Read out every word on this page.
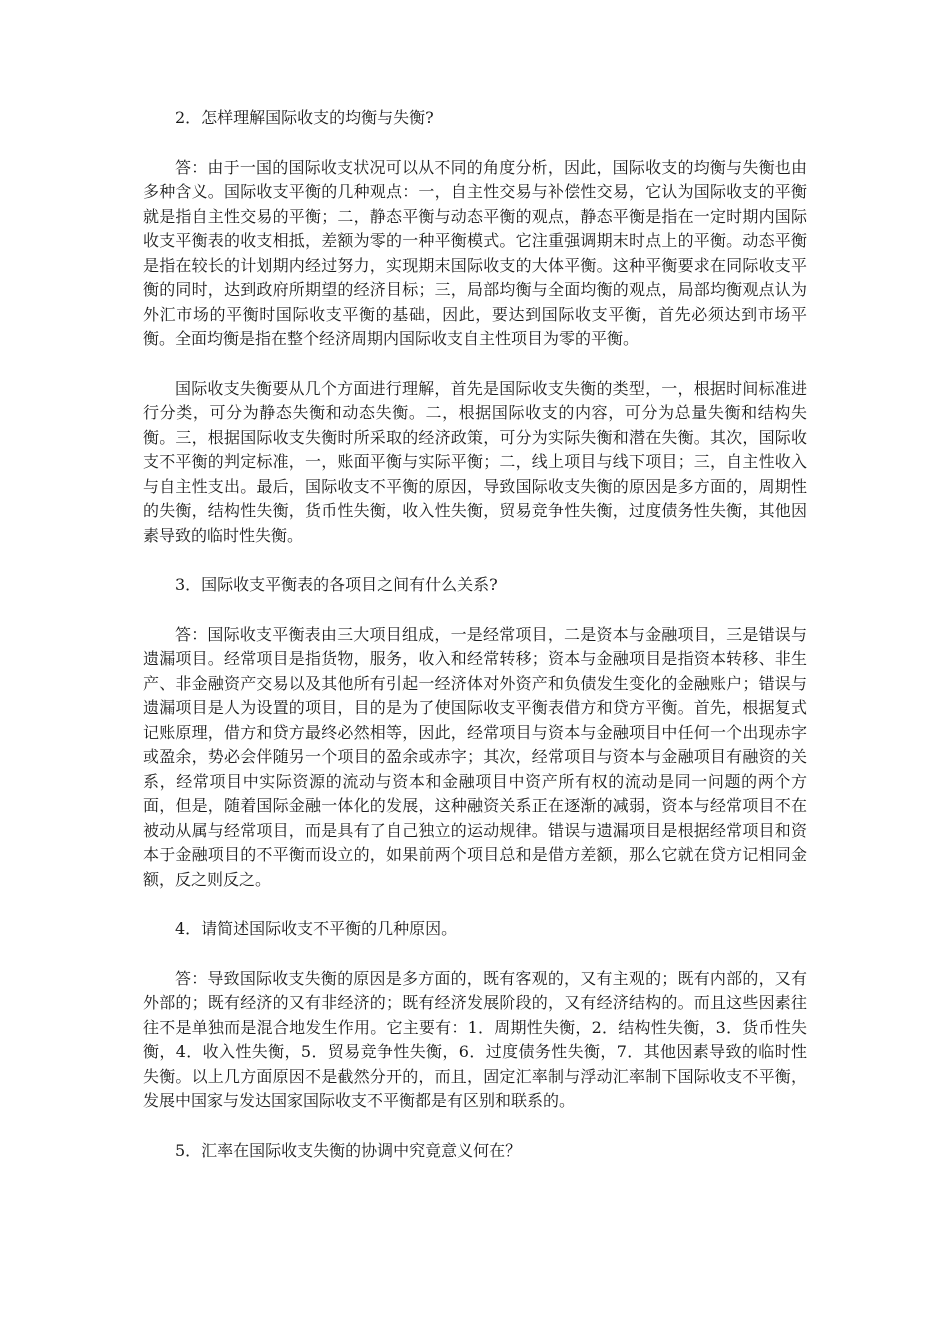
2．怎样理解国际收支的均衡与失衡?

答：由于一国的国际收支状况可以从不同的角度分析，因此，国际收支的均衡与失衡也由多种含义。国际收支平衡的几种观点：一，自主性交易与补偿性交易，它认为国际收支的平衡就是指自主性交易的平衡；二，静态平衡与动态平衡的观点，静态平衡是指在一定时期内国际收支平衡表的收支相抵，差额为零的一种平衡模式。它注重强调期末时点上的平衡。动态平衡是指在较长的计划期内经过努力，实现期末国际收支的大体平衡。这种平衡要求在同际收支平衡的同时，达到政府所期望的经济目标；三，局部均衡与全面均衡的观点，局部均衡观点认为外汇市场的平衡时国际收支平衡的基础，因此，要达到国际收支平衡，首先必须达到市场平衡。全面均衡是指在整个经济周期内国际收支自主性项目为零的平衡。

国际收支失衡要从几个方面进行理解，首先是国际收支失衡的类型，一，根据时间标准进行分类，可分为静态失衡和动态失衡。二，根据国际收支的内容，可分为总量失衡和结构失衡。三，根据国际收支失衡时所采取的经济政策，可分为实际失衡和潜在失衡。其次，国际收支不平衡的判定标准，一，账面平衡与实际平衡；二，线上项目与线下项目；三，自主性收入与自主性支出。最后，国际收支不平衡的原因，导致国际收支失衡的原因是多方面的，周期性的失衡，结构性失衡，货币性失衡，收入性失衡，贸易竞争性失衡，过度债务性失衡，其他因素导致的临时性失衡。

3．国际收支平衡表的各项目之间有什么关系?

答：国际收支平衡表由三大项目组成，一是经常项目，二是资本与金融项目，三是错误与遗漏项目。经常项目是指货物，服务，收入和经常转移；资本与金融项目是指资本转移、非生产、非金融资产交易以及其他所有引起一经济体对外资产和负债发生变化的金融账户；错误与遗漏项目是人为设置的项目，目的是为了使国际收支平衡表借方和贷方平衡。首先，根据复式记账原理，借方和贷方最终必然相等，因此，经常项目与资本与金融项目中任何一个出现赤字或盈余，势必会伴随另一个项目的盈余或赤字；其次，经常项目与资本与金融项目有融资的关系，经常项目中实际资源的流动与资本和金融项目中资产所有权的流动是同一问题的两个方面，但是，随着国际金融一体化的发展，这种融资关系正在逐渐的减弱，资本与经常项目不在被动从属与经常项目，而是具有了自己独立的运动规律。错误与遗漏项目是根据经常项目和资本于金融项目的不平衡而设立的，如果前两个项目总和是借方差额，那么它就在贷方记相同金额，反之则反之。

4．请简述国际收支不平衡的几种原因。

答：导致国际收支失衡的原因是多方面的，既有客观的，又有主观的；既有内部的，又有外部的；既有经济的又有非经济的；既有经济发展阶段的，又有经济结构的。而且这些因素往往不是单独而是混合地发生作用。它主要有：1．周期性失衡，2．结构性失衡，3．货币性失衡，4．收入性失衡，5．贸易竞争性失衡，6．过度债务性失衡，7．其他因素导致的临时性失衡。以上几方面原因不是截然分开的，而且，固定汇率制与浮动汇率制下国际收支不平衡，发展中国家与发达国家国际收支不平衡都是有区别和联系的。

5．汇率在国际收支失衡的协调中究竟意义何在？
